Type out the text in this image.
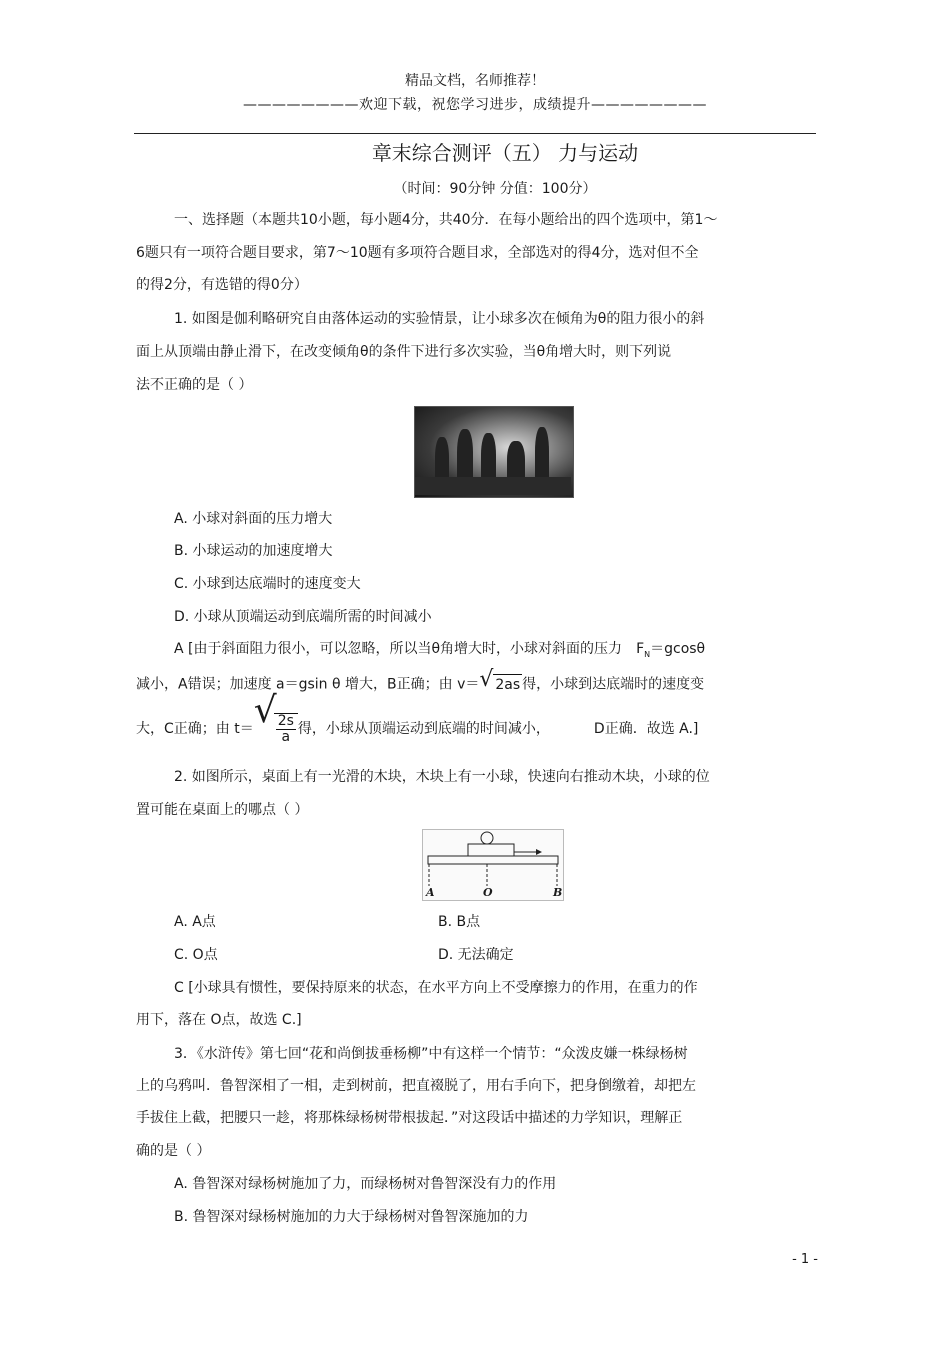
精品文档，名师推荐！
————————欢迎下载，祝您学习进步，成绩提升————————
章末综合测评（五） 力与运动
（时间：90分钟 分值：100分）
一、选择题（本题共10小题，每小题4分，共40分．在每小题给出的四个选项中，第1～
6题只有一项符合题目要求，第7～10题有多项符合题目求，全部选对的得4分，选对但不全
的得2分，有选错的得0分）
1. 如图是伽利略研究自由落体运动的实验情景，让小球多次在倾角为θ的阻力很小的斜
面上从顶端由静止滑下，在改变倾角θ的条件下进行多次实验，当θ角增大时，则下列说
法不正确的是（ ）
A. 小球对斜面的压力增大
B. 小球运动的加速度增大
C. 小球到达底端时的速度变大
D. 小球从顶端运动到底端所需的时间减小
A [由于斜面阻力很小，可以忽略，所以当θ角增大时，小球对斜面的压力 $F_N=gcos\theta$
减小，A错误；加速度 a＝gsin θ 增大，B正确；由 v＝ √ 2as 得，小球到达底端时的速度变
大，C正确；由 t＝ √ $\frac{2s}{a}$ 得，小球从顶端运动到底端的时间减小，	D正确．故选 A.]
2. 如图所示，桌面上有一光滑的木块，木块上有一小球，快速向右推动木块，小球的位
置可能在桌面上的哪点（ ）
A	O	B
A. A点	B. B点
C. O点	D. 无法确定
C [小球具有惯性，要保持原来的状态，在水平方向上不受摩擦力的作用，在重力的作
用下，落在 O点，故选 C.]
3．《水浒传》第七回“花和尚倒拔垂杨柳”中有这样一个情节：“众泼皮嫌一株绿杨树
上的乌鸦叫．鲁智深相了一相，走到树前，把直裰脱了，用右手向下，把身倒缴着，却把左
手拔住上截，把腰只一趁，将那株绿杨树带根拔起．”对这段话中描述的力学知识，理解正
确的是（ ）
A. 鲁智深对绿杨树施加了力，而绿杨树对鲁智深没有力的作用
B. 鲁智深对绿杨树施加的力大于绿杨树对鲁智深施加的力
- 1 -
